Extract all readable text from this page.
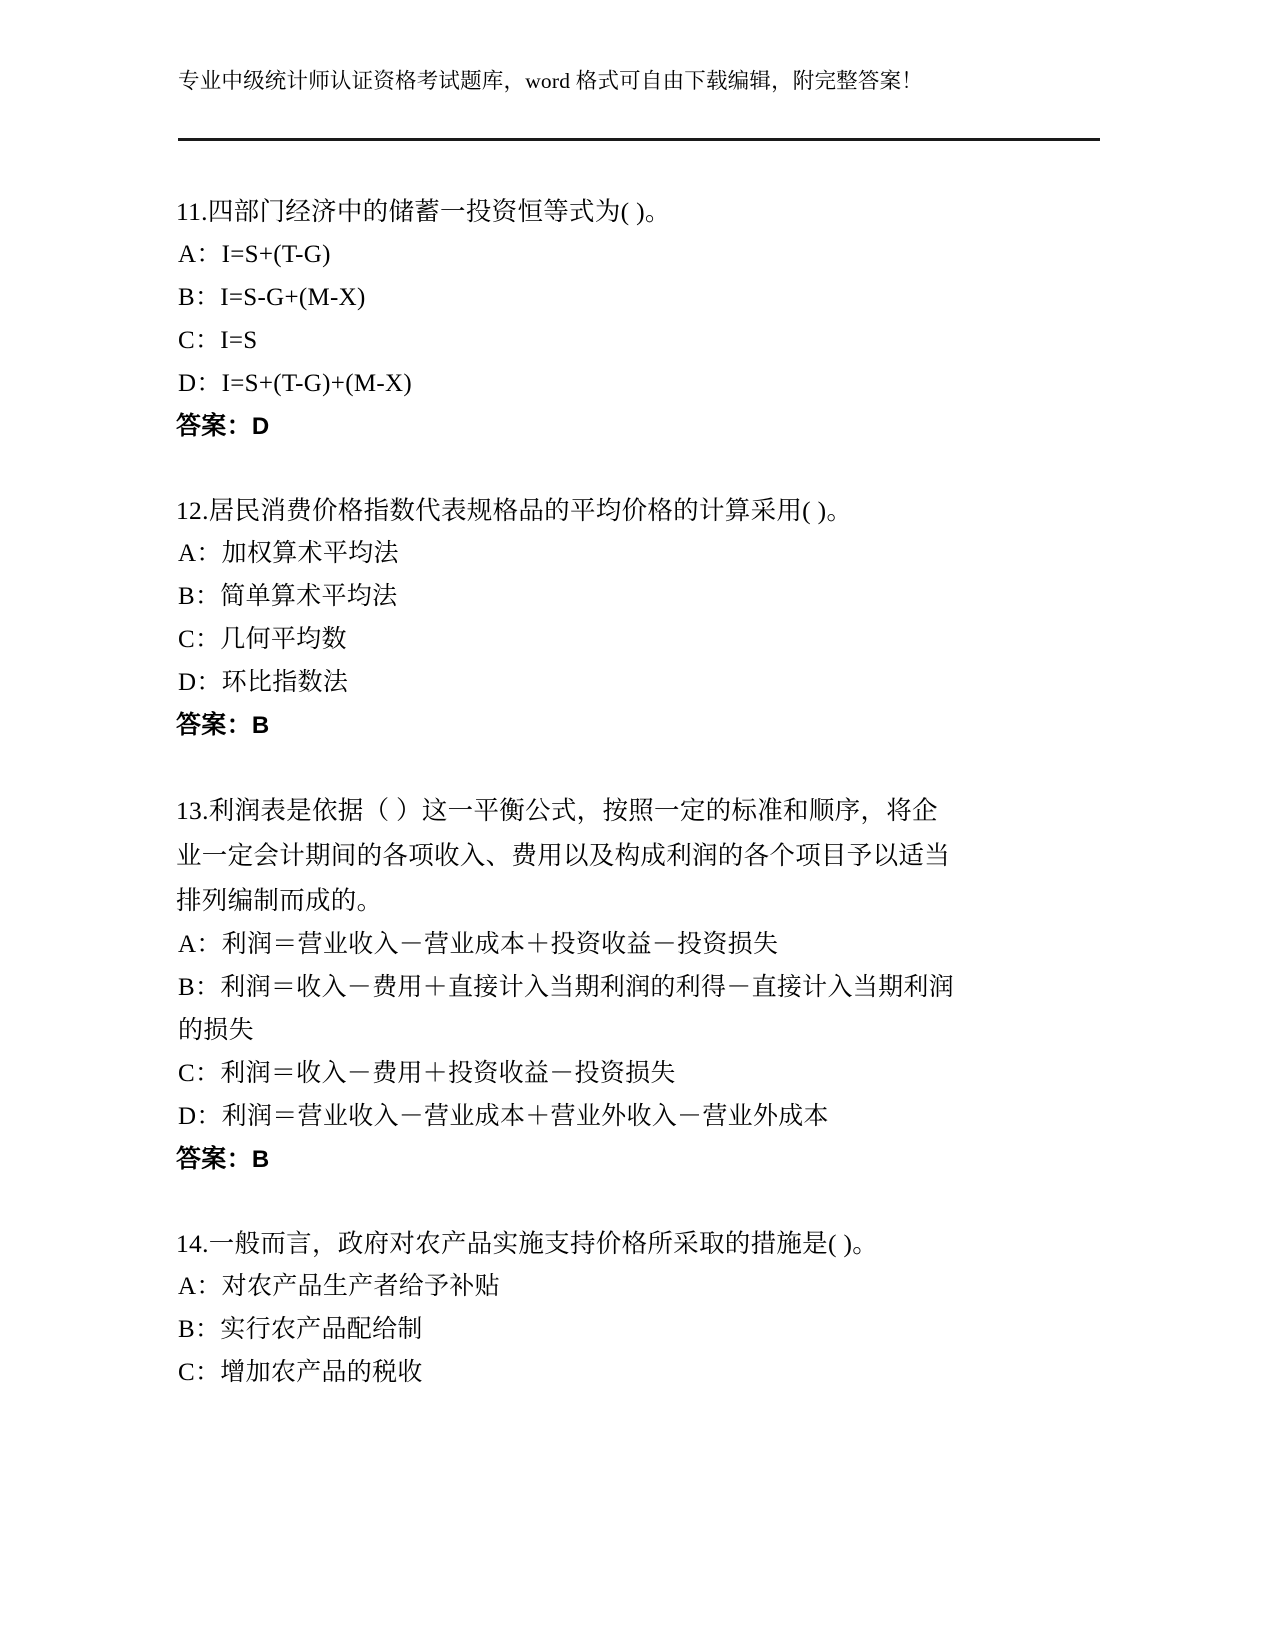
专业中级统计师认证资格考试题库，word 格式可自由下载编辑，附完整答案！
11.四部门经济中的储蓄一投资恒等式为( )。
A：I=S+(T-G)
B：I=S-G+(M-X)
C：I=S
D：I=S+(T-G)+(M-X)
答案：D
12.居民消费价格指数代表规格品的平均价格的计算采用( )。
A：加权算术平均法
B：简单算术平均法
C：几何平均数
D：环比指数法
答案：B
13.利润表是依据（ ）这一平衡公式，按照一定的标准和顺序，将企
业一定会计期间的各项收入、费用以及构成利润的各个项目予以适当
排列编制而成的。
A：利润＝营业收入－营业成本＋投资收益－投资损失
B：利润＝收入－费用＋直接计入当期利润的利得－直接计入当期利润
的损失
C：利润＝收入－费用＋投资收益－投资损失
D：利润＝营业收入－营业成本＋营业外收入－营业外成本
答案：B
14.一般而言，政府对农产品实施支持价格所采取的措施是( )。
A：对农产品生产者给予补贴
B：实行农产品配给制
C：增加农产品的税收
